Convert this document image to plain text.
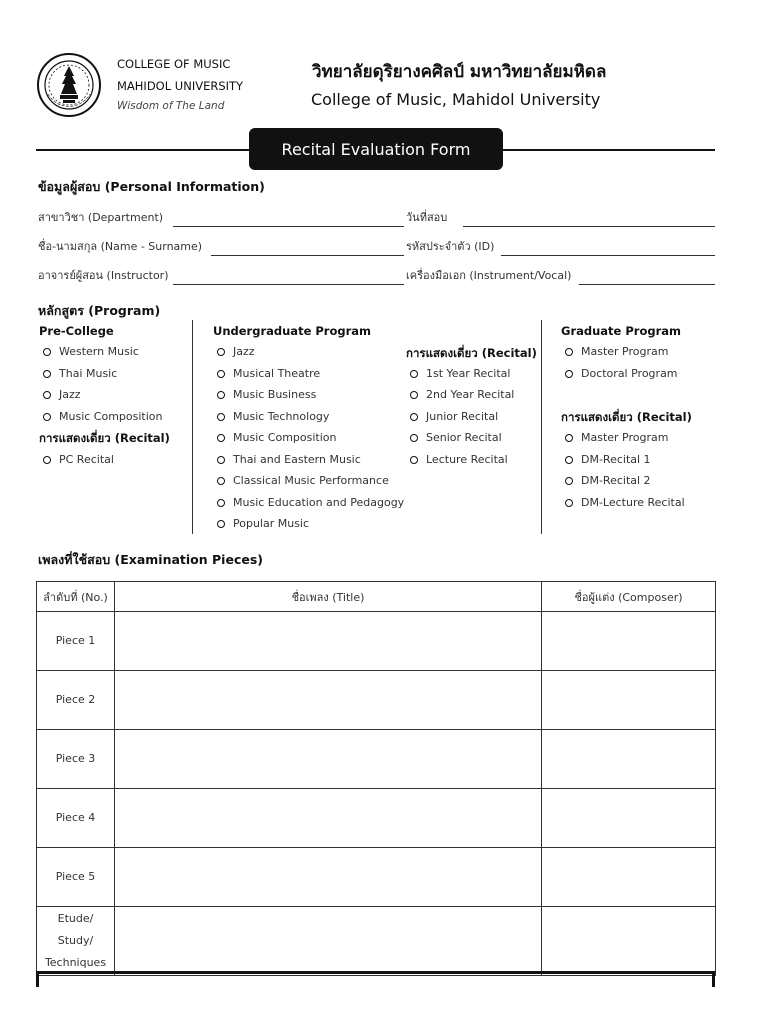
COLLEGE OF MUSIC
MAHIDOL UNIVERSITY
Wisdom of The Land
วิทยาลัยดุริยางคศิลป์ มหาวิทยาลัยมหิดล
College of Music, Mahidol University
Recital Evaluation Form
ข้อมูลผู้สอบ (Personal Information)
สาขาวิชา (Department)	วันที่สอบ
ชื่อ-นามสกุล (Name - Surname)	รหัสประจำตัว (ID)
อาจารย์ผู้สอน (Instructor)	เครื่องมือเอก (Instrument/Vocal)
หลักสูตร (Program)
Pre-College
Western Music
Thai Music
Jazz
Music Composition
การแสดงเดี่ยว (Recital)
PC Recital
Undergraduate Program
Jazz
Musical Theatre
Music Business
Music Technology
Music Composition
Thai and Eastern Music
Classical Music Performance
Music Education and Pedagogy
Popular Music
การแสดงเดี่ยว (Recital)
1st Year Recital
2nd Year Recital
Junior Recital
Senior Recital
Lecture Recital
Graduate Program
Master Program
Doctoral Program
การแสดงเดี่ยว (Recital)
Master Program
DM-Recital 1
DM-Recital 2
DM-Lecture Recital
เพลงที่ใช้สอบ (Examination Pieces)
ลำดับที่ (No.)	ชื่อเพลง (Title)	ชื่อผู้แต่ง (Composer)
Piece 1		
Piece 2		
Piece 3		
Piece 4		
Piece 5		

Etude/
Study/
Techniques		
